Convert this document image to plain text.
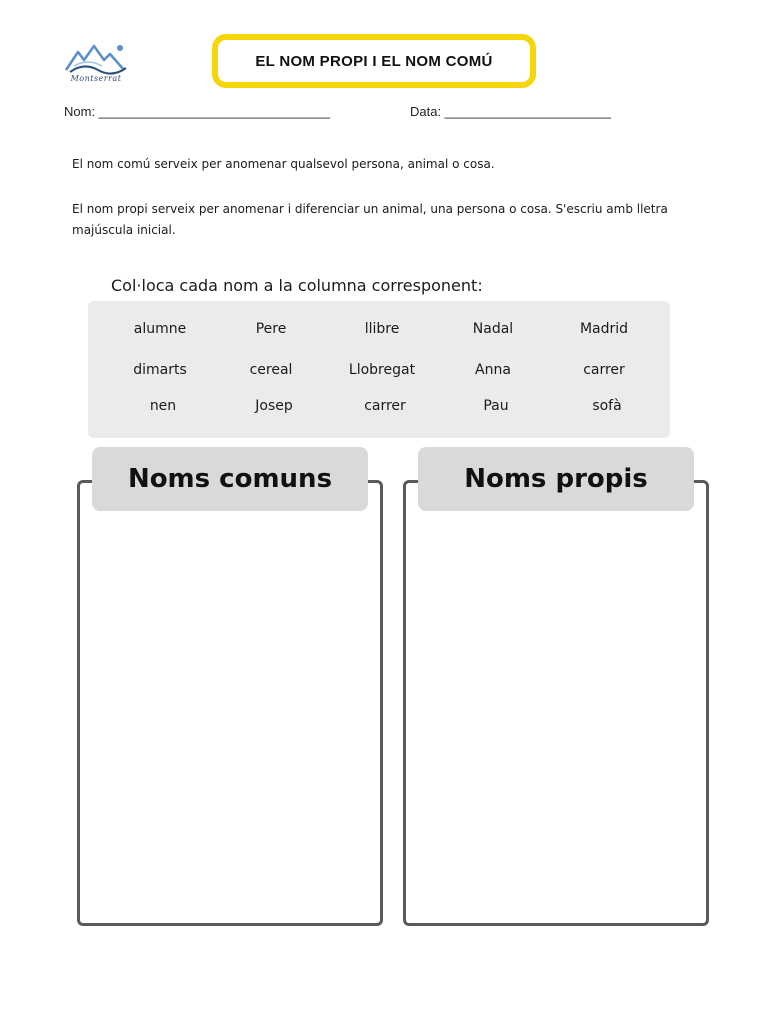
Montserrat
EL NOM PROPI I EL NOM COMÚ
Nom: ________________________________	Data: _______________________

El nom comú serveix per anomenar qualsevol persona, animal o cosa.

El nom propi serveix per anomenar i diferenciar un animal, una persona o cosa. S'escriu amb lletra majúscula inicial.

Col·loca cada nom a la columna corresponent:
alumne	Pere	llibre	Nadal	Madrid
dimarts	cereal	Llobregat	Anna	carrer
nen	Josep	carrer	Pau	sofà
Noms comuns	Noms propis
